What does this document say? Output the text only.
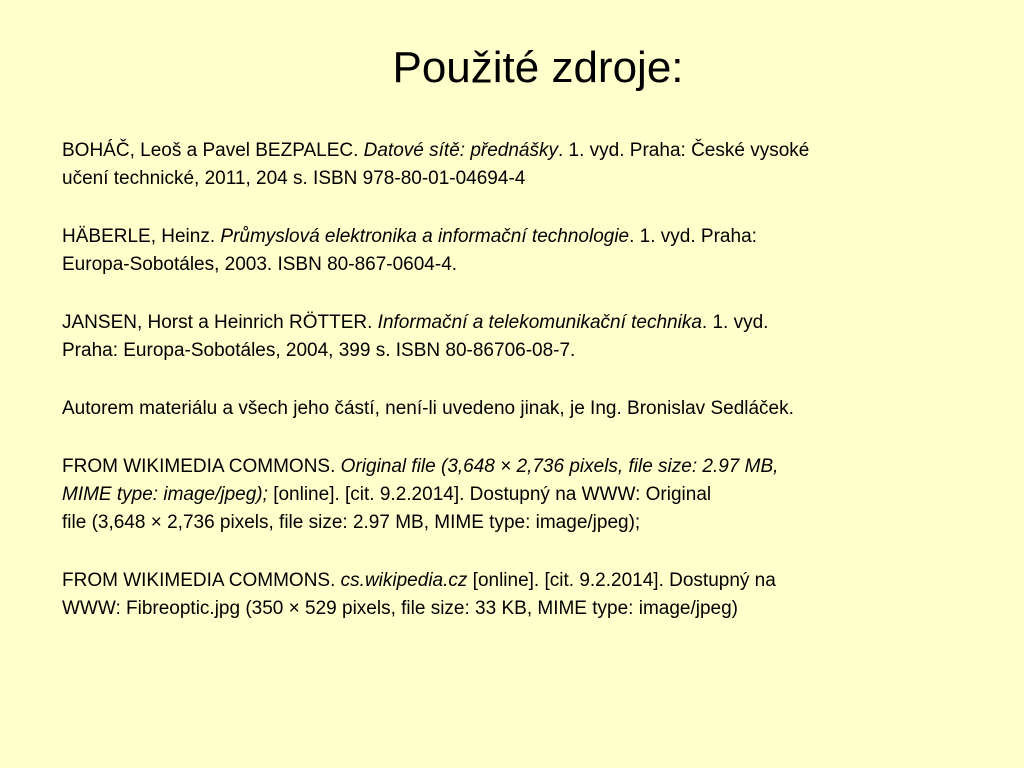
Použité zdroje:

BOHÁČ, Leoš a Pavel BEZPALEC. Datové sítě: přednášky. 1. vyd. Praha: České vysoké
učení technické, 2011, 204 s. ISBN 978-80-01-04694-4

HÄBERLE, Heinz. Průmyslová elektronika a informační technologie. 1. vyd. Praha:
Europa-Sobotáles, 2003. ISBN 80-867-0604-4.

JANSEN, Horst a Heinrich RÖTTER. Informační a telekomunikační technika. 1. vyd.
Praha: Europa-Sobotáles, 2004, 399 s. ISBN 80-86706-08-7.

Autorem materiálu a všech jeho částí, není-li uvedeno jinak, je Ing. Bronislav Sedláček.

FROM WIKIMEDIA COMMONS. Original file (3,648 × 2,736 pixels, file size: 2.97 MB,
MIME type: image/jpeg); [online]. [cit. 9.2.2014]. Dostupný na WWW: Original
file (3,648 × 2,736 pixels, file size: 2.97 MB, MIME type: image/jpeg);

FROM WIKIMEDIA COMMONS. cs.wikipedia.cz [online]. [cit. 9.2.2014]. Dostupný na
WWW: Fibreoptic.jpg (350 × 529 pixels, file size: 33 KB, MIME type: image/jpeg)
